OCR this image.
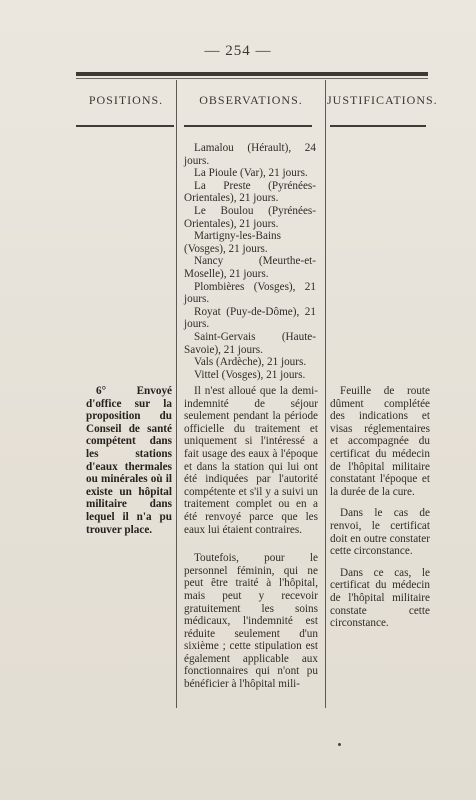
— 254 —
POSITIONS.	OBSERVATIONS.	JUSTIFICATIONS.

Lamalou (Hérault), 24 jours.

La Pioule (Var), 21 jours.

La Preste (Pyrénées-Orientales), 21 jours.

Le Boulou (Pyrénées-Orientales), 21 jours.

Martigny-les-Bains (Vosges), 21 jours.

Nancy (Meurthe-et-Moselle), 21 jours.

Plombières (Vosges), 21 jours.

Royat (Puy-de-Dôme), 21 jours.

Saint-Gervais (Haute-Savoie), 21 jours.

Vals (Ardèche), 21 jours.

Vittel (Vosges), 21 jours.

6° Envoyé d'office sur la proposition du Conseil de santé compétent dans les stations d'eaux thermales ou minérales où il existe un hôpital militaire dans lequel il n'a pu trouver place.

Il n'est alloué que la demi-indemnité de séjour seulement pendant la période officielle du traitement et uniquement si l'intéressé a fait usage des eaux à l'époque et dans la station qui lui ont été indiquées par l'autorité compétente et s'il y a suivi un traitement complet ou en a été renvoyé parce que les eaux lui étaient contraires.

Toutefois, pour le personnel féminin, qui ne peut être traité à l'hôpital, mais peut y recevoir gratuitement les soins médicaux, l'indemnité est réduite seulement d'un sixième ; cette stipulation est également applicable aux fonctionnaires qui n'ont pu bénéficier à l'hôpital mili-

Feuille de route dûment complétée des indications et visas réglementaires et accompagnée du certificat du médecin de l'hôpital militaire constatant l'époque et la durée de la cure.

Dans le cas de renvoi, le certificat doit en outre constater cette circonstance.

Dans ce cas, le certificat du médecin de l'hôpital militaire constate cette circonstance.
